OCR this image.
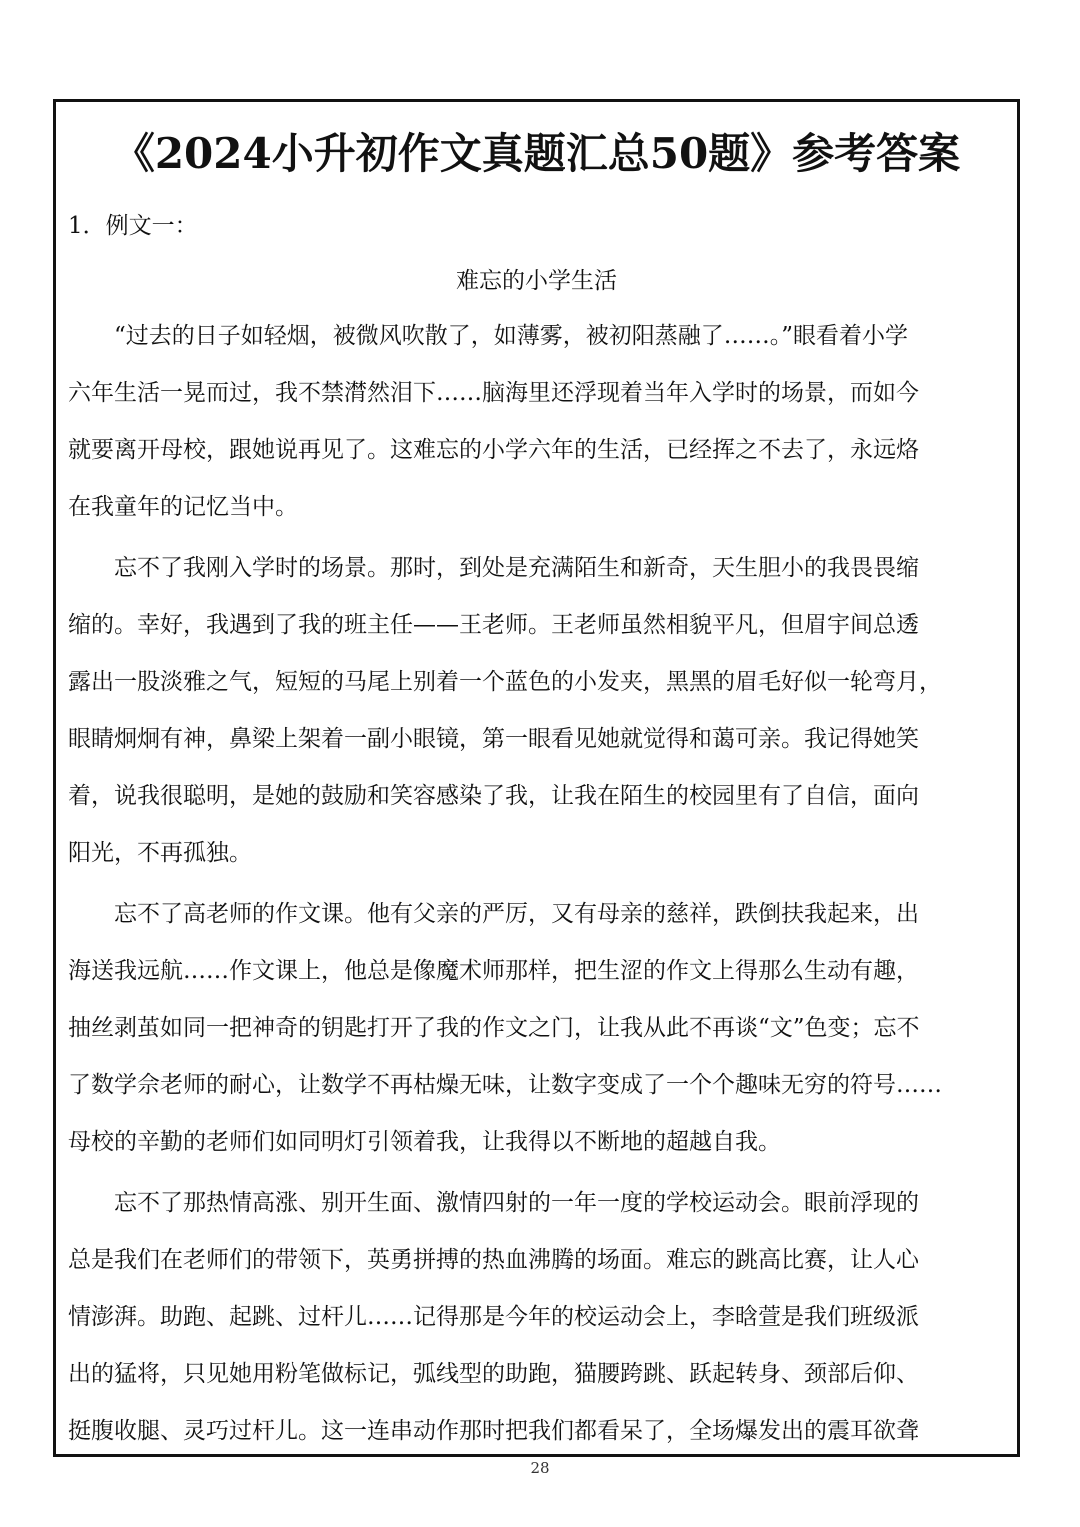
《2024小升初作文真题汇总50题》参考答案
1．例文一：
难忘的小学生活
“过去的日子如轻烟，被微风吹散了，如薄雾，被初阳蒸融了……。”眼看着小学
六年生活一晃而过，我不禁潸然泪下……脑海里还浮现着当年入学时的场景，而如今
就要离开母校，跟她说再见了。这难忘的小学六年的生活，已经挥之不去了，永远烙
在我童年的记忆当中。
忘不了我刚入学时的场景。那时，到处是充满陌生和新奇，天生胆小的我畏畏缩
缩的。幸好，我遇到了我的班主任——王老师。王老师虽然相貌平凡，但眉宇间总透
露出一股淡雅之气，短短的马尾上别着一个蓝色的小发夹，黑黑的眉毛好似一轮弯月，
眼睛炯炯有神，鼻梁上架着一副小眼镜，第一眼看见她就觉得和蔼可亲。我记得她笑
着，说我很聪明，是她的鼓励和笑容感染了我，让我在陌生的校园里有了自信，面向
阳光，不再孤独。
忘不了高老师的作文课。他有父亲的严厉，又有母亲的慈祥，跌倒扶我起来，出
海送我远航……作文课上，他总是像魔术师那样，把生涩的作文上得那么生动有趣，
抽丝剥茧如同一把神奇的钥匙打开了我的作文之门，让我从此不再谈“文”色变；忘不
了数学佘老师的耐心，让数学不再枯燥无味，让数字变成了一个个趣味无穷的符号……
母校的辛勤的老师们如同明灯引领着我，让我得以不断地的超越自我。
忘不了那热情高涨、别开生面、激情四射的一年一度的学校运动会。眼前浮现的
总是我们在老师们的带领下，英勇拼搏的热血沸腾的场面。难忘的跳高比赛，让人心
情澎湃。助跑、起跳、过杆儿……记得那是今年的校运动会上，李晗萱是我们班级派
出的猛将，只见她用粉笔做标记，弧线型的助跑，猫腰跨跳、跃起转身、颈部后仰、
挺腹收腿、灵巧过杆儿。这一连串动作那时把我们都看呆了，全场爆发出的震耳欲聋
28
